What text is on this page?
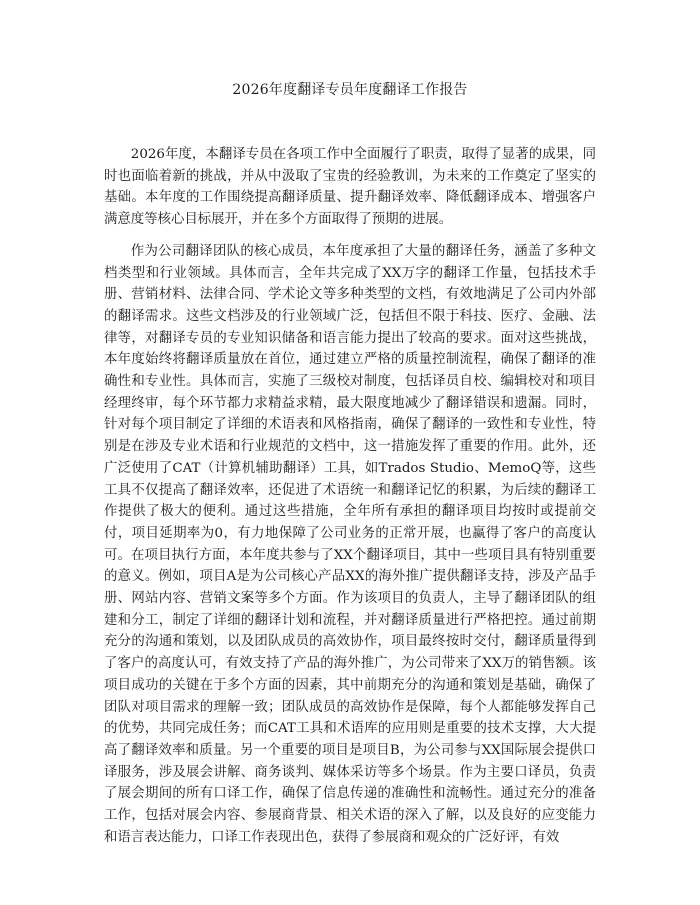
2026年度翻译专员年度翻译工作报告

2026年度，本翻译专员在各项工作中全面履行了职责，取得了显著的成果，同时也面临着新的挑战，并从中汲取了宝贵的经验教训，为未来的工作奠定了坚实的基础。本年度的工作围绕提高翻译质量、提升翻译效率、降低翻译成本、增强客户满意度等核心目标展开，并在多个方面取得了预期的进展。

作为公司翻译团队的核心成员，本年度承担了大量的翻译任务，涵盖了多种文档类型和行业领域。具体而言，全年共完成了XX万字的翻译工作量，包括技术手册、营销材料、法律合同、学术论文等多种类型的文档，有效地满足了公司内外部的翻译需求。这些文档涉及的行业领域广泛，包括但不限于科技、医疗、金融、法律等，对翻译专员的专业知识储备和语言能力提出了较高的要求。面对这些挑战，本年度始终将翻译质量放在首位，通过建立严格的质量控制流程，确保了翻译的准确性和专业性。具体而言，实施了三级校对制度，包括译员自校、编辑校对和项目经理终审，每个环节都力求精益求精，最大限度地减少了翻译错误和遗漏。同时，针对每个项目制定了详细的术语表和风格指南，确保了翻译的一致性和专业性，特别是在涉及专业术语和行业规范的文档中，这一措施发挥了重要的作用。此外，还广泛使用了CAT（计算机辅助翻译）工具，如Trados Studio、MemoQ等，这些工具不仅提高了翻译效率，还促进了术语统一和翻译记忆的积累，为后续的翻译工作提供了极大的便利。通过这些措施，全年所有承担的翻译项目均按时或提前交付，项目延期率为0，有力地保障了公司业务的正常开展，也赢得了客户的高度认可。在项目执行方面，本年度共参与了XX个翻译项目，其中一些项目具有特别重要的意义。例如，项目A是为公司核心产品XX的海外推广提供翻译支持，涉及产品手册、网站内容、营销文案等多个方面。作为该项目的负责人，主导了翻译团队的组建和分工，制定了详细的翻译计划和流程，并对翻译质量进行严格把控。通过前期充分的沟通和策划，以及团队成员的高效协作，项目最终按时交付，翻译质量得到了客户的高度认可，有效支持了产品的海外推广，为公司带来了XX万的销售额。该项目成功的关键在于多个方面的因素，其中前期充分的沟通和策划是基础，确保了团队对项目需求的理解一致；团队成员的高效协作是保障，每个人都能够发挥自己的优势，共同完成任务；而CAT工具和术语库的应用则是重要的技术支撑，大大提高了翻译效率和质量。另一个重要的项目是项目B，为公司参与XX国际展会提供口译服务，涉及展会讲解、商务谈判、媒体采访等多个场景。作为主要口译员，负责了展会期间的所有口译工作，确保了信息传递的准确性和流畅性。通过充分的准备工作，包括对展会内容、参展商背景、相关术语的深入了解，以及良好的应变能力和语言表达能力，口译工作表现出色，获得了参展商和观众的广泛好评，有效
